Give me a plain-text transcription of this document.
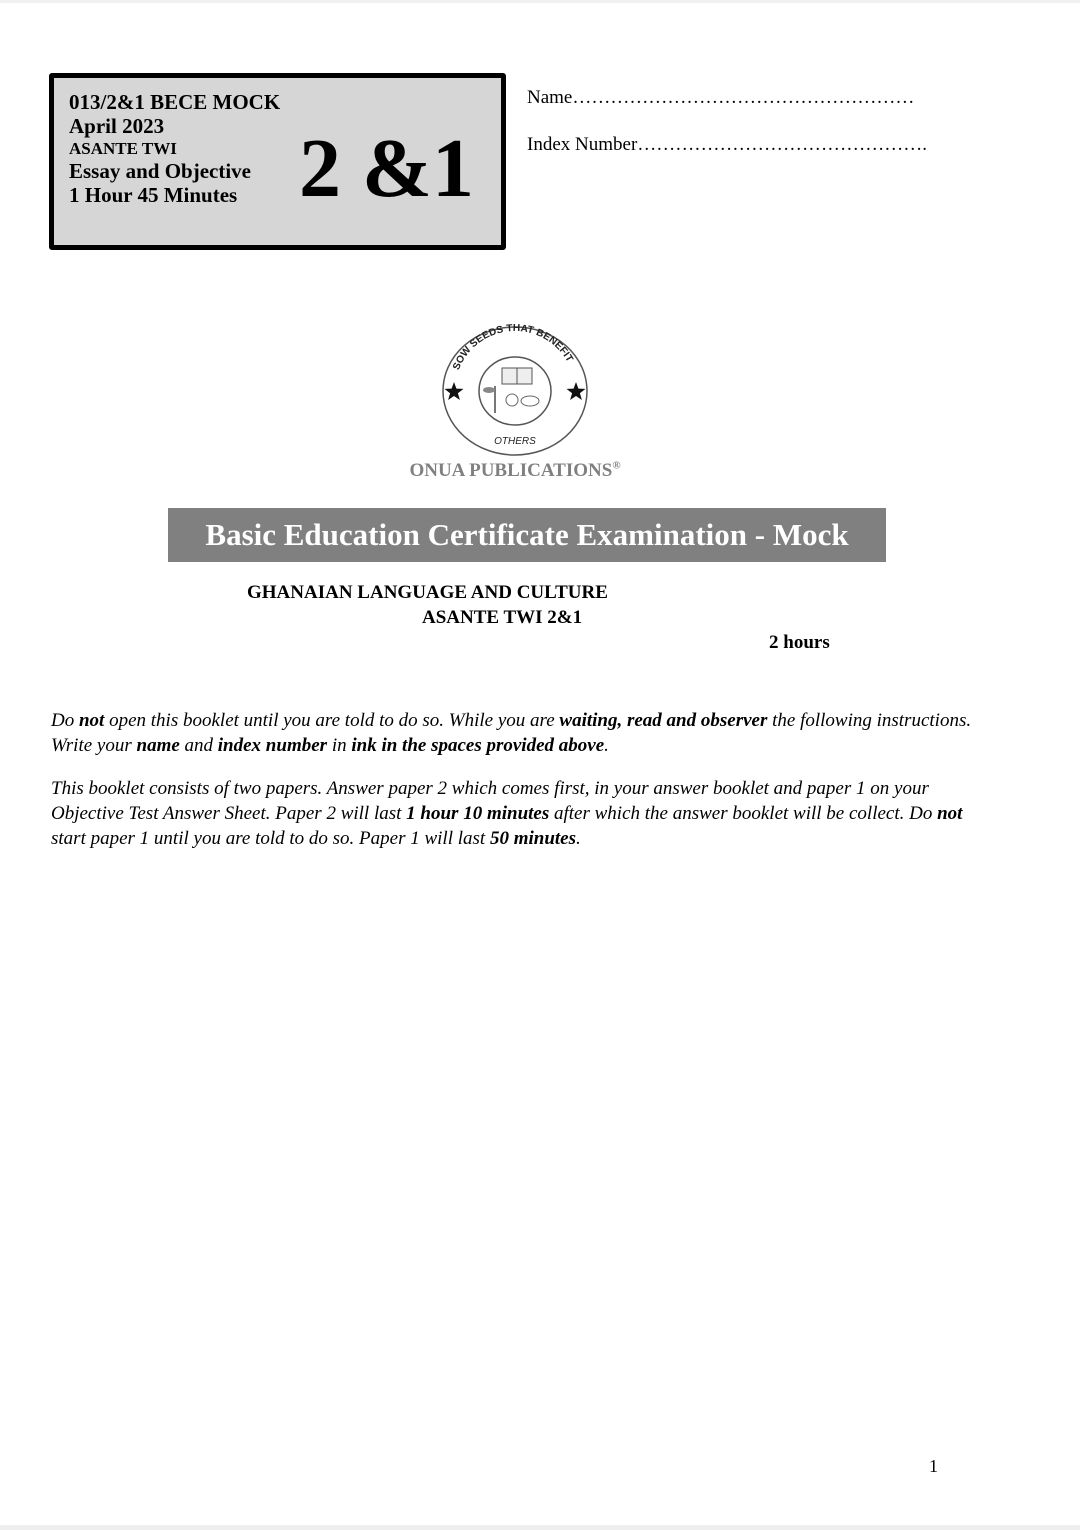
013/2&1 BECE MOCK
April 2023
ASANTE TWI
Essay and Objective
1 Hour 45 Minutes 2 &1
Name………………………………………………
Index Number……………………………………….
SOW SEEDS THAT BENEFIT
OTHERS
ONUA PUBLICATIONS®
Basic Education Certificate Examination - Mock
GHANAIAN LANGUAGE AND CULTURE
ASANTE TWI 2&1
2 hours
Do not open this booklet until you are told to do so. While you are waiting, read and observer the following instructions. Write your name and index number in ink in the spaces provided above.
This booklet consists of two papers. Answer paper 2 which comes first, in your answer booklet and paper 1 on your Objective Test Answer Sheet. Paper 2 will last 1 hour 10 minutes after which the answer booklet will be collect. Do not start paper 1 until you are told to do so. Paper 1 will last 50 minutes.
1
